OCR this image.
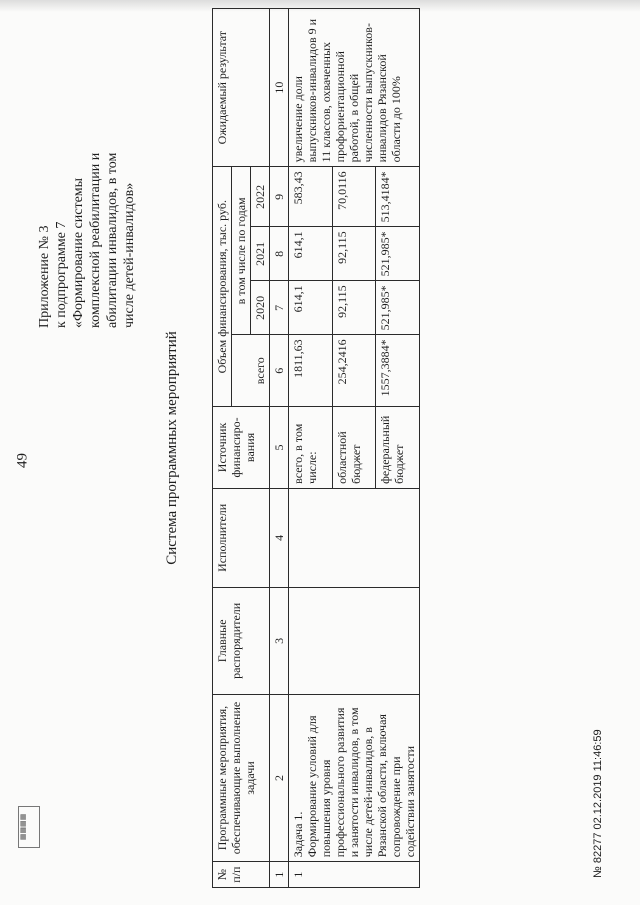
49
▦▦▦▦
Приложение № 3 к подпрограмме 7 «Формирование системы комплексной реабилитации и абилитации инвалидов, в том числе детей-инвалидов»
Система программных мероприятий
№ п/п	Программные мероприятия, обеспечивающие выполнение задачи	Главные распорядители	Исполнители	Источник финансиро-вания	Объем финансирования, тыс. руб.				Ожидаемый результат
					всего	в том числе по годам			
						2020	2021	2022	
1	2	3	4	5	6	7	8	9	10
1	Задача 1. Формирование условий для повышения уровня профессионального развития и занятости инвалидов, в том числе детей-инвалидов, в Рязанской области, включая сопровождение при содействии занятости			всего, в том числе:	1811,63	614,1	614,1	583,43	увеличение доли выпускников-инвалидов 9 и 11 классов, охваченных профориентационной работой, в общей численности выпускников-инвалидов Рязанской области до 100%
				областной бюджет	254,2416	92,115	92,115	70,0116	
				федеральный бюджет	1557,3884*	521,985*	521,985*	513,4184*	
№ 82277 02.12.2019 11:46:59
